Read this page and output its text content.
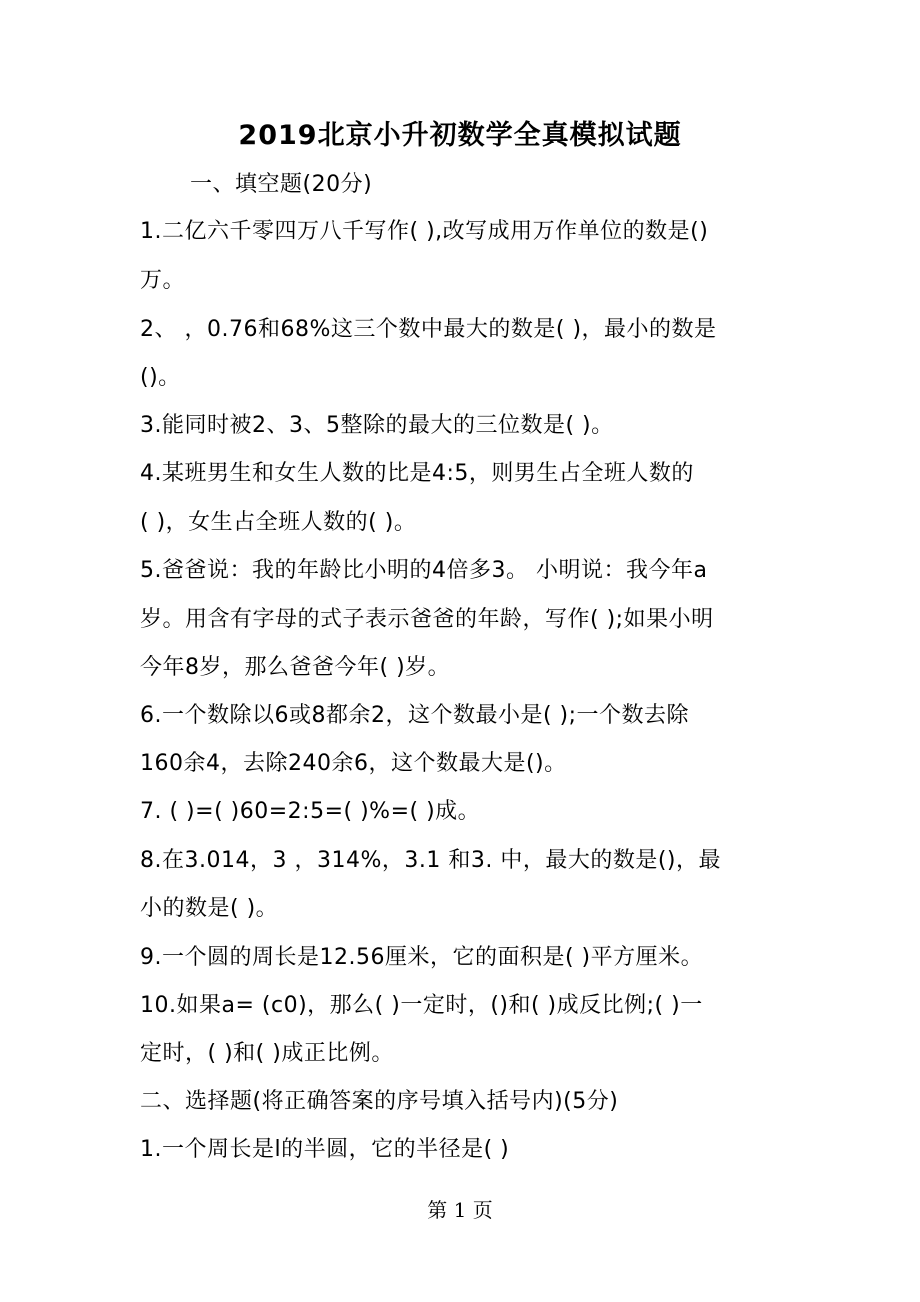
2019北京小升初数学全真模拟试题
一、填空题(20分)
1.二亿六千零四万八千写作( ),改写成用万作单位的数是()
万。
2、 ，0.76和68%这三个数中最大的数是( )，最小的数是
()。
3.能同时被2、3、5整除的最大的三位数是( )。
4.某班男生和女生人数的比是4:5，则男生占全班人数的
( )，女生占全班人数的( )。
5.爸爸说：我的年龄比小明的4倍多3。 小明说：我今年a
岁。用含有字母的式子表示爸爸的年龄，写作( );如果小明
今年8岁，那么爸爸今年( )岁。
6.一个数除以6或8都余2，这个数最小是( );一个数去除
160余4，去除240余6，这个数最大是()。
7. ( )=( )60=2:5=( )%=( )成。
8.在3.014，3 ，314%，3.1 和3. 中，最大的数是()，最
小的数是( )。
9.一个圆的周长是12.56厘米，它的面积是( )平方厘米。
10.如果a= (c0)，那么( )一定时，()和( )成反比例;( )一
定时，( )和( )成正比例。
二、选择题(将正确答案的序号填入括号内)(5分)
1.一个周长是l的半圆，它的半径是( )
第 1 页
